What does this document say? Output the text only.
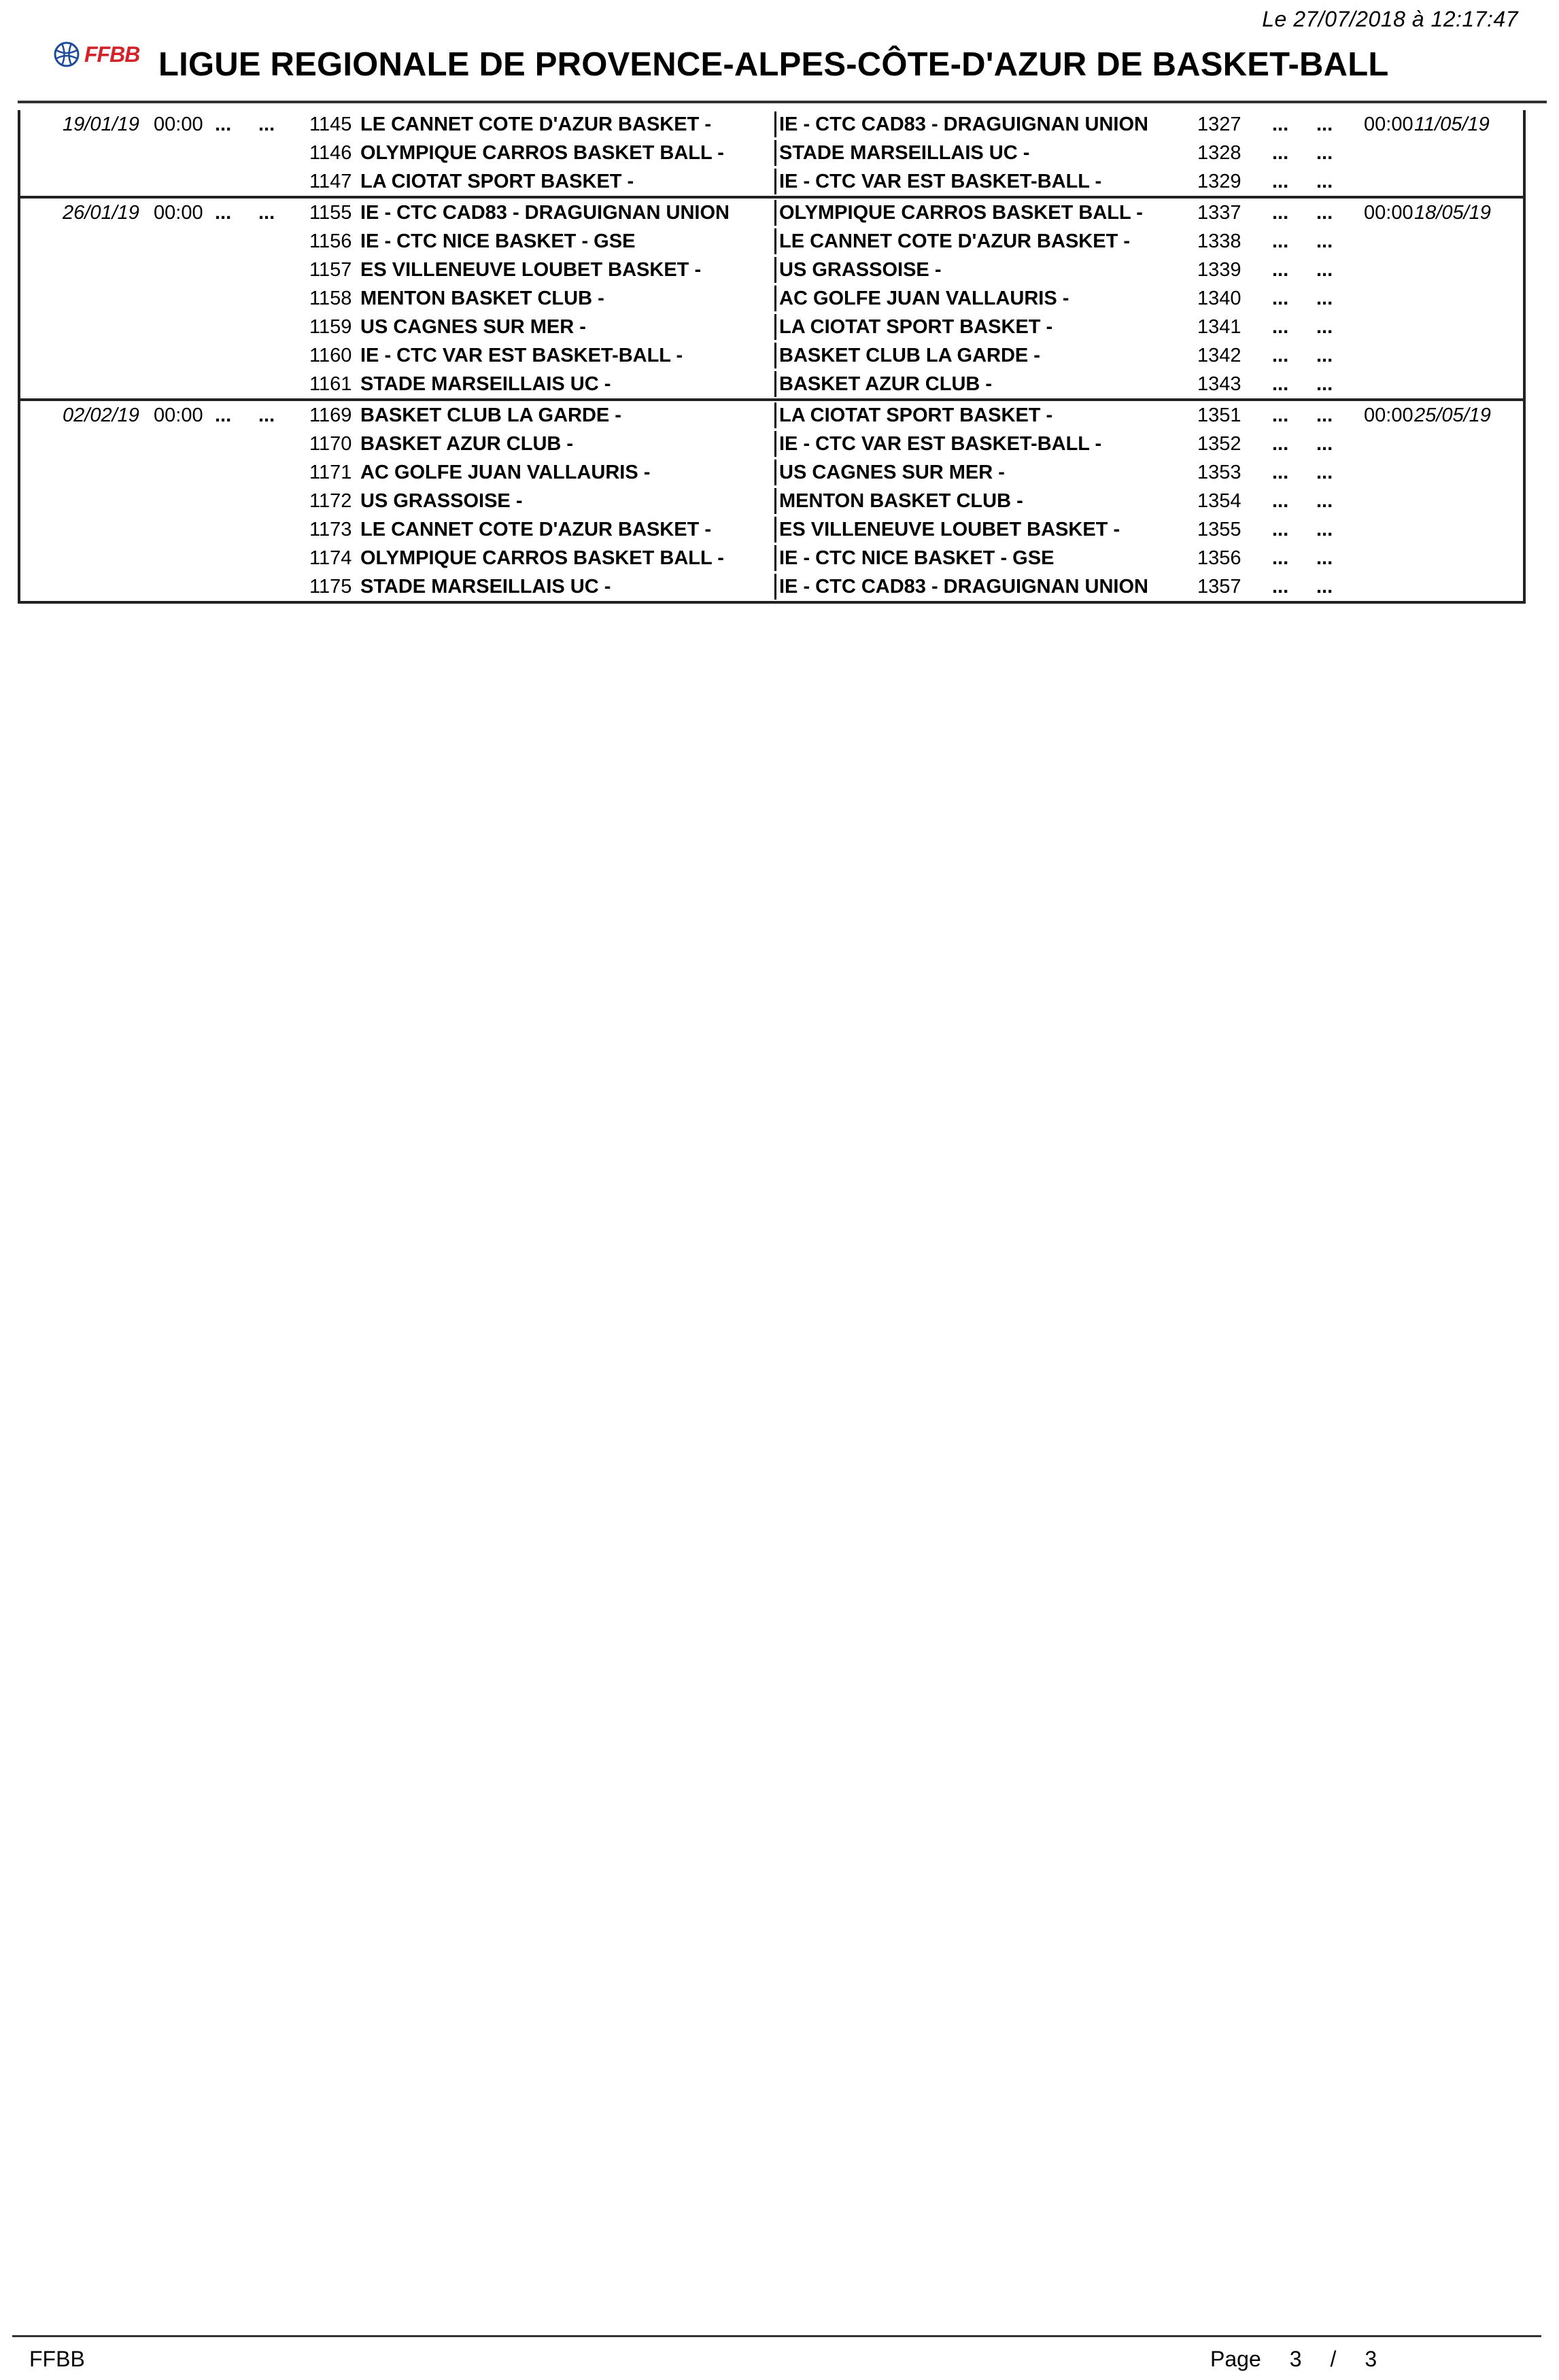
Le 27/07/2018 à 12:17:47
FFBB LIGUE REGIONALE DE PROVENCE-ALPES-CÔTE-D'AZUR DE BASKET-BALL
19/01/19 00:00 ... ... 1145 LE CANNET COTE D'AZUR BASKET -	IE - CTC CAD83 - DRAGUIGNAN UNION 1327 ... ... 00:00 11/05/19
1146 OLYMPIQUE CARROS BASKET BALL -	STADE MARSEILLAIS UC -	1328 ... ...
1147 LA CIOTAT SPORT BASKET -	IE - CTC VAR EST BASKET-BALL -	1329 ... ...
26/01/19 00:00 ... ... 1155 IE - CTC CAD83 - DRAGUIGNAN UNION	OLYMPIQUE CARROS BASKET BALL -	1337 ... ... 00:00 18/05/19
1156 IE - CTC NICE BASKET - GSE	LE CANNET COTE D'AZUR BASKET -	1338 ... ...
1157 ES VILLENEUVE LOUBET BASKET -	US GRASSOISE -	1339 ... ...
1158 MENTON BASKET CLUB -	AC GOLFE JUAN VALLAURIS -	1340 ... ...
1159 US CAGNES SUR MER -	LA CIOTAT SPORT BASKET -	1341 ... ...
1160 IE - CTC VAR EST BASKET-BALL -	BASKET CLUB LA GARDE -	1342 ... ...
1161 STADE MARSEILLAIS UC -	BASKET AZUR CLUB -	1343 ... ...
02/02/19 00:00 ... ... 1169 BASKET CLUB LA GARDE -	LA CIOTAT SPORT BASKET -	1351 ... ... 00:00 25/05/19
1170 BASKET AZUR CLUB -	IE - CTC VAR EST BASKET-BALL -	1352 ... ...
1171 AC GOLFE JUAN VALLAURIS -	US CAGNES SUR MER -	1353 ... ...
1172 US GRASSOISE -	MENTON BASKET CLUB -	1354 ... ...
1173 LE CANNET COTE D'AZUR BASKET -	ES VILLENEUVE LOUBET BASKET -	1355 ... ...
1174 OLYMPIQUE CARROS BASKET BALL -	IE - CTC NICE BASKET - GSE	1356 ... ...
1175 STADE MARSEILLAIS UC -	IE - CTC CAD83 - DRAGUIGNAN UNION 1357 ... ...
FFBB	Page 3 / 3
